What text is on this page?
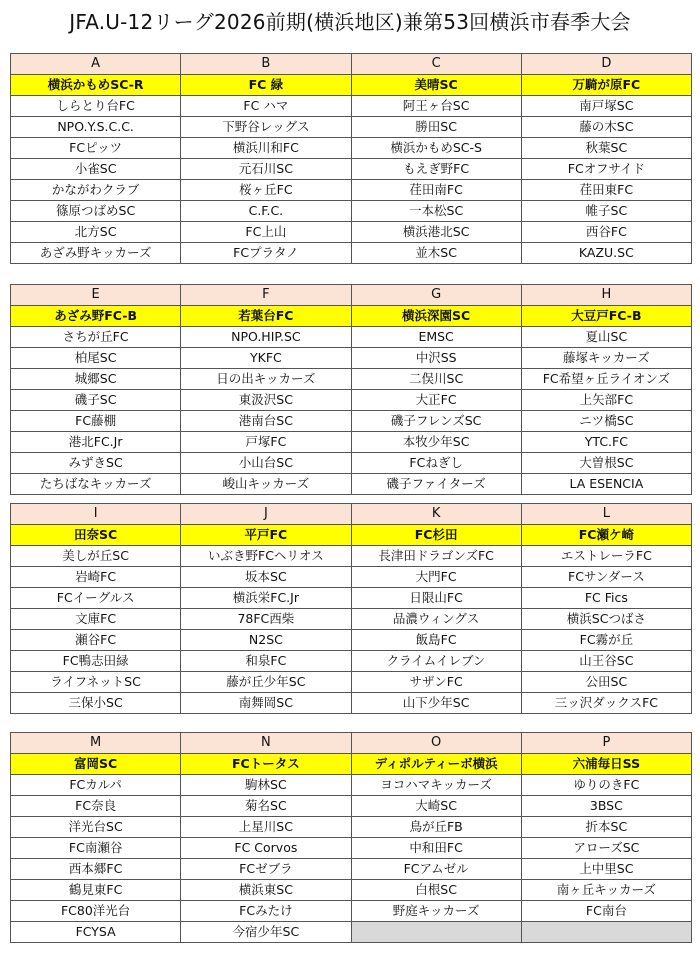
JFA.U-12リーグ2026前期(横浜地区)兼第53回横浜市春季大会
A	B	C	D
横浜かもめSC-R	FC 緑	美晴SC	万騎が原FC
しらとり台FC	FC ハマ	阿王ヶ台SC	南戸塚SC
NPO.Y.S.C.C.	下野谷レッグス	勝田SC	藤の木SC
FCピッツ	横浜川和FC	横浜かもめSC-S	秋葉SC
小雀SC	元石川SC	もえぎ野FC	FCオフサイド
かながわクラブ	桜ヶ丘FC	荏田南FC	荏田東FC
篠原つばめSC	C.F.C.	一本松SC	帷子SC
北方SC	FC上山	横浜港北SC	西谷FC
あざみ野キッカーズ	FCプラタノ	並木SC	KAZU.SC
E	F	G	H
あざみ野FC-B	若葉台FC	横浜深園SC	大豆戸FC-B
さちが丘FC	NPO.HIP.SC	EMSC	夏山SC
柏尾SC	YKFC	中沢SS	藤塚キッカーズ
城郷SC	日の出キッカーズ	二俣川SC	FC希望ヶ丘ライオンズ
磯子SC	東汲沢SC	大正FC	上矢部FC
FC藤棚	港南台SC	磯子フレンズSC	ニツ橋SC
港北FC.Jr	戸塚FC	本牧少年SC	YTC.FC
みずきSC	小山台SC	FCねぎし	大曽根SC
たちばなキッカーズ	峻山キッカーズ	磯子ファイターズ	LA ESENCIA
I	J	K	L
田奈SC	平戸FC	FC杉田	FC瀬ケ崎
美しが丘SC	いぶき野FCヘリオス	長津田ドラゴンズFC	エストレーラFC
岩崎FC	坂本SC	大門FC	FCサンダース
FCイーグルス	横浜栄FC.Jr	日限山FC	FC Fics
文庫FC	78FC西柴	品濃ウィングス	横浜SCつばさ
瀬谷FC	N2SC	飯島FC	FC霧が丘
FC鴨志田緑	和泉FC	クライムイレブン	山王谷SC
ライフネットSC	藤が丘少年SC	サザンFC	公田SC
三保小SC	南舞岡SC	山下少年SC	三ッ沢ダックスFC
M	N	O	P
富岡SC	FCトータス	ディポルティーボ横浜	六浦毎日SS
FCカルパ	駒林SC	ヨコハマキッカーズ	ゆりのきFC
FC奈良	菊名SC	大崎SC	3BSC
洋光台SC	上星川SC	鳥が丘FB	折本SC
FC南瀬谷	FC Corvos	中和田FC	アローズSC
西本郷FC	FCゼブラ	FCアムゼル	上中里SC
鶴見東FC	横浜東SC	白根SC	南ヶ丘キッカーズ
FC80洋光台	FCみたけ	野庭キッカーズ	FC南台
FCYSA	今宿少年SC		
